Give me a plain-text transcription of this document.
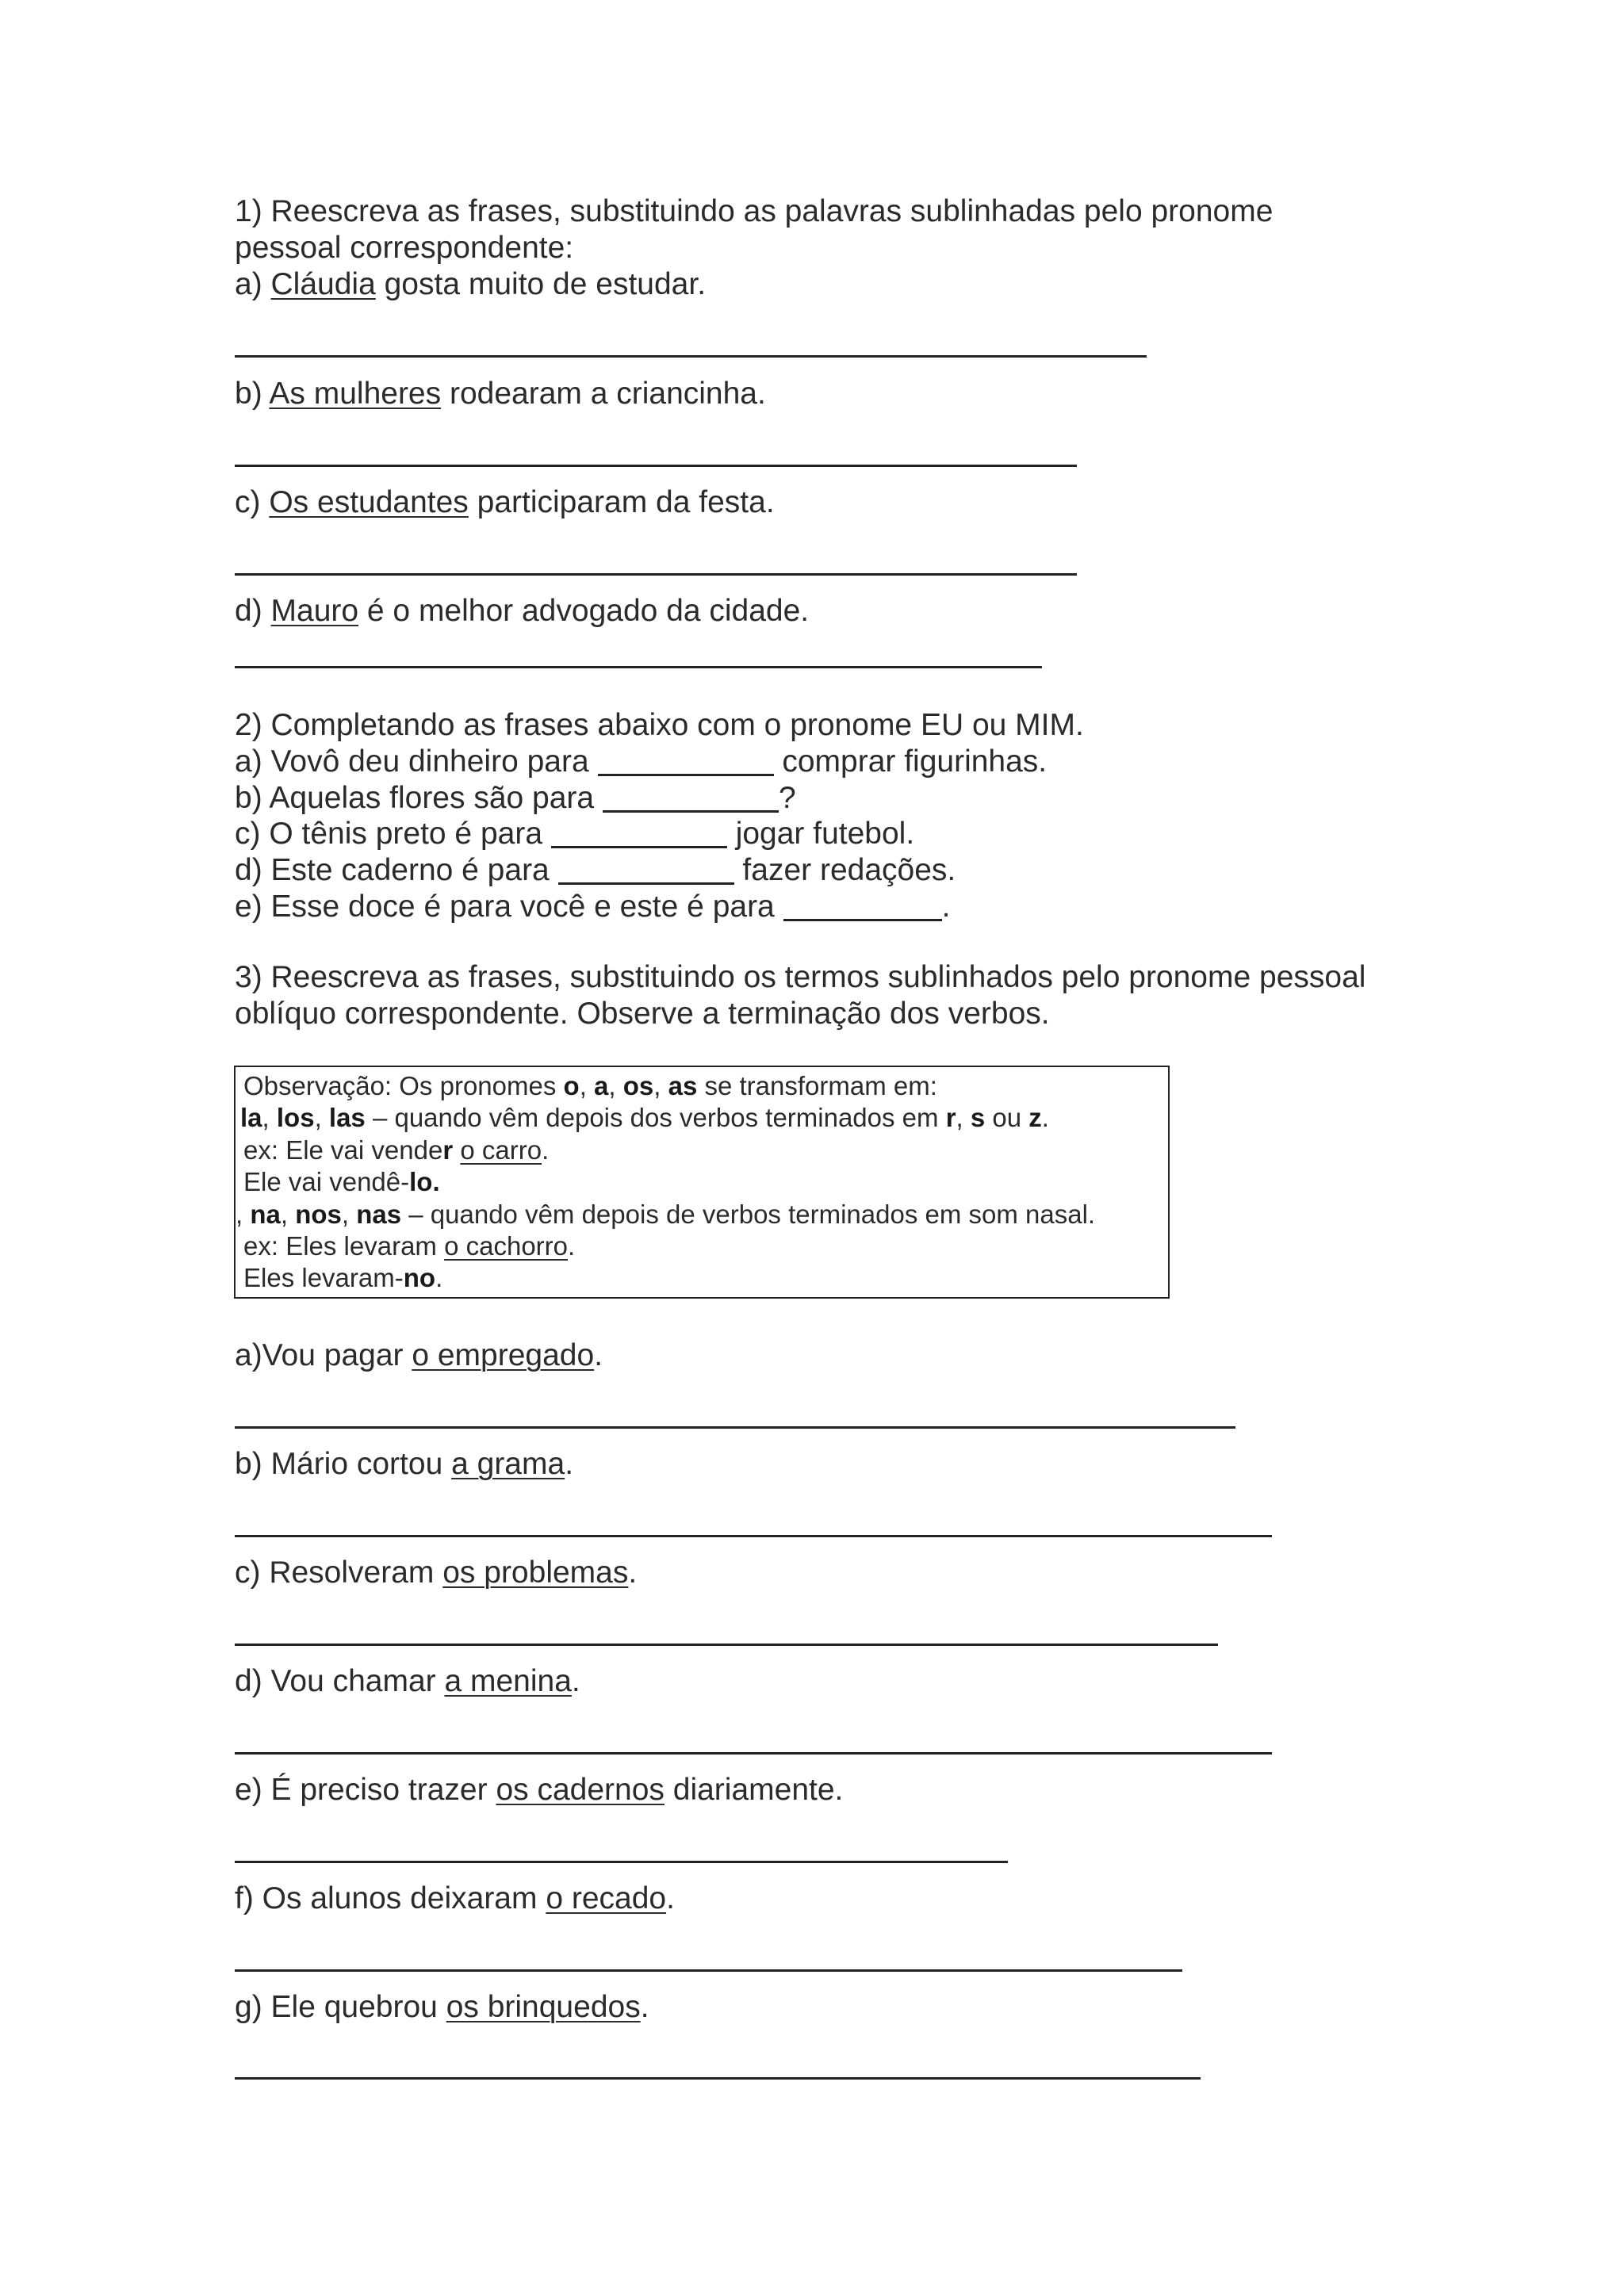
1) Reescreva as frases, substituindo as palavras sublinhadas pelo pronome
pessoal correspondente:
a) Cláudia gosta muito de estudar.
b) As mulheres rodearam a criancinha.
c) Os estudantes participaram da festa.
d) Mauro é o melhor advogado da cidade.
2) Completando as frases abaixo com o pronome EU ou MIM.
a) Vovô deu dinheiro para	comprar figurinhas.
b) Aquelas flores são para	?
c) O tênis preto é para	jogar futebol.
d) Este caderno é para	fazer redações.
e) Esse doce é para você e este é para	.
3) Reescreva as frases, substituindo os termos sublinhados pelo pronome pessoal
oblíquo correspondente. Observe a terminação dos verbos.
Observação: Os pronomes o, a, os, as se transformam em:
la, los, las – quando vêm depois dos verbos terminados em r, s ou z.
ex: Ele vai vender o carro.
Ele vai vendê-lo.
, na, nos, nas – quando vêm depois de verbos terminados em som nasal.
ex: Eles levaram o cachorro.
Eles levaram-no.
a)Vou pagar o empregado.
b) Mário cortou a grama.
c) Resolveram os problemas.
d) Vou chamar a menina.
e) É preciso trazer os cadernos diariamente.
f) Os alunos deixaram o recado.
g) Ele quebrou os brinquedos.
